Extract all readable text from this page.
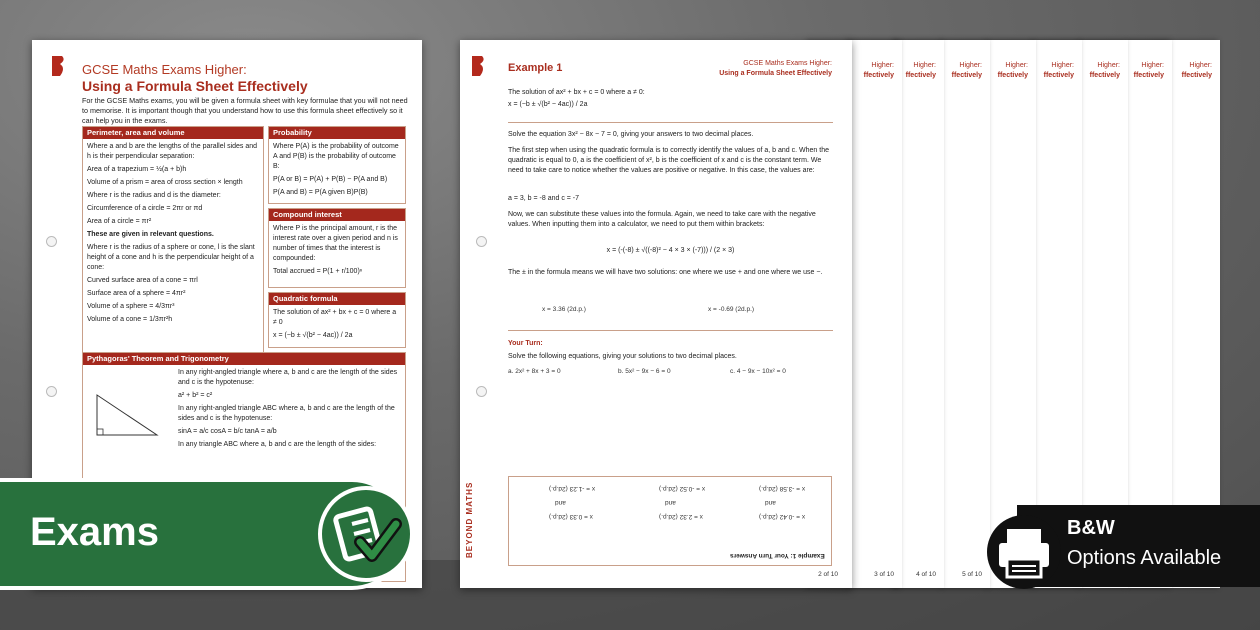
Higher:
ffectively
Higher:
ffectively
Higher:
ffectively
Higher:
ffectively
Higher:
ffectively
Higher:
ffectively
5 of 10
Higher:
ffectively
4 of 10
Higher:
ffectively
3 of 10
GCSE Maths Exams Higher:
Using a Formula Sheet Effectively
For the GCSE Maths exams, you will be given a formula sheet with key formulae that you will not need to memorise. It is important though that you understand how to use this formula sheet effectively so it can help you in the exams.
Perimeter, area and volume

Where a and b are the lengths of the parallel sides and h is their perpendicular separation:

Area of a trapezium = ½(a + b)h

Volume of a prism = area of cross section × length

Where r is the radius and d is the diameter:

Circumference of a circle = 2πr or πd

Area of a circle = πr²

These are given in relevant questions.

Where r is the radius of a sphere or cone, l is the slant height of a cone and h is the perpendicular height of a cone:

Curved surface area of a cone = πrl

Surface area of a sphere = 4πr²

Volume of a sphere = 4/3πr³

Volume of a cone = 1/3πr²h

Probability

Where P(A) is the probability of outcome A and P(B) is the probability of outcome B:

P(A or B) = P(A) + P(B) − P(A and B)

P(A and B) = P(A given B)P(B)

Compound interest

Where P is the principal amount, r is the interest rate over a given period and n is number of times that the interest is compounded:

Total accrued = P(1 + r/100)ⁿ

Quadratic formula

The solution of ax² + bx + c = 0 where a ≠ 0

x = (−b ± √(b² − 4ac)) / 2a

Pythagoras' Theorem and Trigonometry

In any right-angled triangle where a, b and c are the length of the sides and c is the hypotenuse:

a² + b² = c²

In any right-angled triangle ABC where a, b and c are the length of the sides and c is the hypotenuse:

sinA = a/c cosA = b/c tanA = a/b

In any triangle ABC where a, b and c are the length of the sides:

Example 1	GCSE Maths Exams Higher:
Using a Formula Sheet Effectively
The solution of ax² + bx + c = 0 where a ≠ 0:
x = (−b ± √(b² − 4ac)) / 2a
Solve the equation 3x² − 8x − 7 = 0, giving your answers to two decimal places.
The first step when using the quadratic formula is to correctly identify the values of a, b and c. When the quadratic is equal to 0, a is the coefficient of x², b is the coefficient of x and c is the constant term. We need to take care to notice whether the values are positive or negative. In this case, the values are:
a = 3, b = -8 and c = -7
Now, we can substitute these values into the formula. Again, we need to take care with the negative values. When inputting them into a calculator, we need to put them within brackets:
x = (-(-8) ± √((-8)² − 4 × 3 × (-7))) / (2 × 3)
The ± in the formula means we will have two solutions: one where we use + and one where we use −.
x = 3.36 (2d.p.)	x = -0.69 (2d.p.)
Your Turn:
Solve the following equations, giving your solutions to two decimal places.
a. 2x² + 8x + 3 = 0	b. 5x² − 9x − 6 = 0	c. 4 − 9x − 10x² = 0
x = -1.23 (2d.p.)	x = -0.52 (2d.p.)	x = -3.58 (2d.p.)
and	and	and
x = 0.33 (2d.p.)	x = 2.32 (2d.p.)	x = -0.42 (2d.p.)
Example 1: Your Turn Answers
BEYOND MATHS
2 of 10
Exams	B&W
Options Available
